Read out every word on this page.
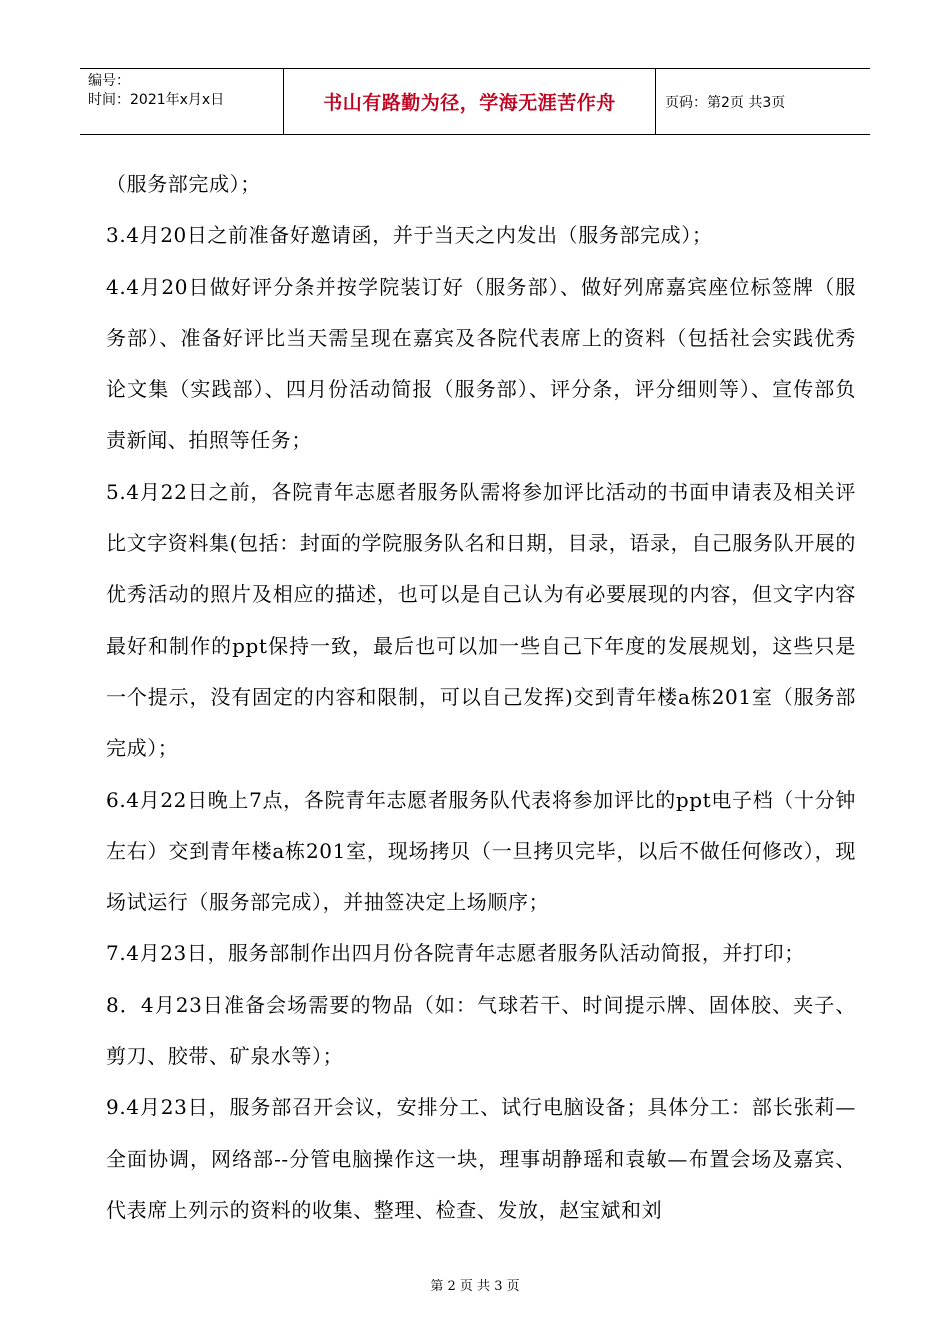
编号：
时间：2021年x月x日	书山有路勤为径，学海无涯苦作舟	页码：第2页 共3页

（服务部完成）；

3.4月20日之前准备好邀请函，并于当天之内发出（服务部完成）；

4.4月20日做好评分条并按学院装订好（服务部）、做好列席嘉宾座位标签牌（服务部）、准备好评比当天需呈现在嘉宾及各院代表席上的资料（包括社会实践优秀论文集（实践部）、四月份活动简报（服务部）、评分条，评分细则等）、宣传部负责新闻、拍照等任务；

5.4月22日之前，各院青年志愿者服务队需将参加评比活动的书面申请表及相关评比文字资料集(包括：封面的学院服务队名和日期，目录，语录，自己服务队开展的优秀活动的照片及相应的描述，也可以是自己认为有必要展现的内容，但文字内容最好和制作的ppt保持一致，最后也可以加一些自己下年度的发展规划，这些只是一个提示，没有固定的内容和限制，可以自己发挥)交到青年楼a栋201室（服务部完成）；

6.4月22日晚上7点，各院青年志愿者服务队代表将参加评比的ppt电子档（十分钟左右）交到青年楼a栋201室，现场拷贝（一旦拷贝完毕，以后不做任何修改），现场试运行（服务部完成），并抽签决定上场顺序；

7.4月23日，服务部制作出四月份各院青年志愿者服务队活动简报，并打印；

8．4月23日准备会场需要的物品（如：气球若干、时间提示牌、固体胶、夹子、剪刀、胶带、矿泉水等）；

9.4月23日，服务部召开会议，安排分工、试行电脑设备；具体分工：部长张莉—全面协调，网络部--分管电脑操作这一块，理事胡静瑶和袁敏—布置会场及嘉宾、代表席上列示的资料的收集、整理、检查、发放，赵宝斌和刘

第 2 页 共 3 页
